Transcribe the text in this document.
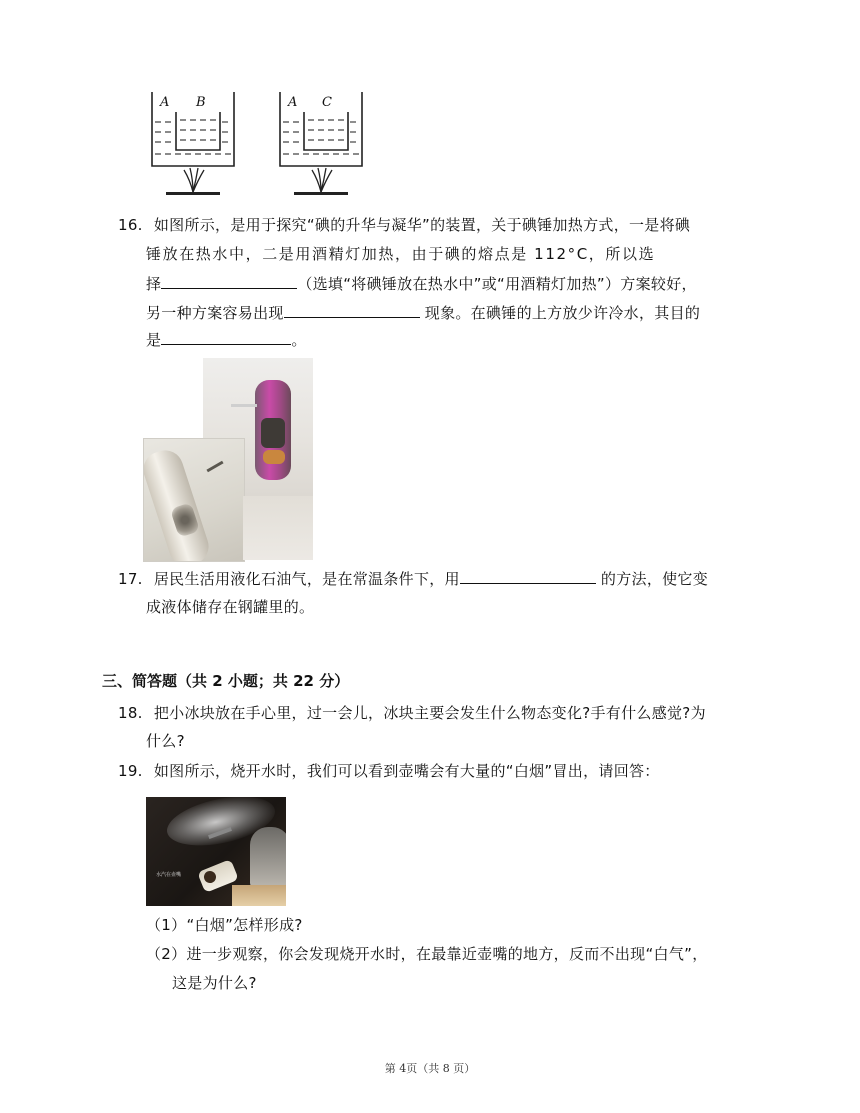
A B	A C
16. 如图所示，是用于探究“碘的升华与凝华”的装置，关于碘锤加热方式，一是将碘
锤放在热水中，二是用酒精灯加热，由于碘的熔点是 112°C，所以选
择	（选填“将碘锤放在热水中”或“用酒精灯加热”）方案较好，
另一种方案容易出现	现象。在碘锤的上方放少许冷水，其目的
是	。
17. 居民生活用液化石油气，是在常温条件下，用	的方法，使它变
成液体储存在钢罐里的。
三、简答题（共 2 小题；共 22 分）
18. 把小冰块放在手心里，过一会儿，冰块主要会发生什么物态变化?手有什么感觉?为
什么?
19. 如图所示，烧开水时，我们可以看到壶嘴会有大量的“白烟”冒出，请回答：
水汽在壶嘴
（1）“白烟”怎样形成?
（2）进一步观察，你会发现烧开水时，在最靠近壶嘴的地方，反而不出现“白气”，
这是为什么?
第 4页（共 8 页）
